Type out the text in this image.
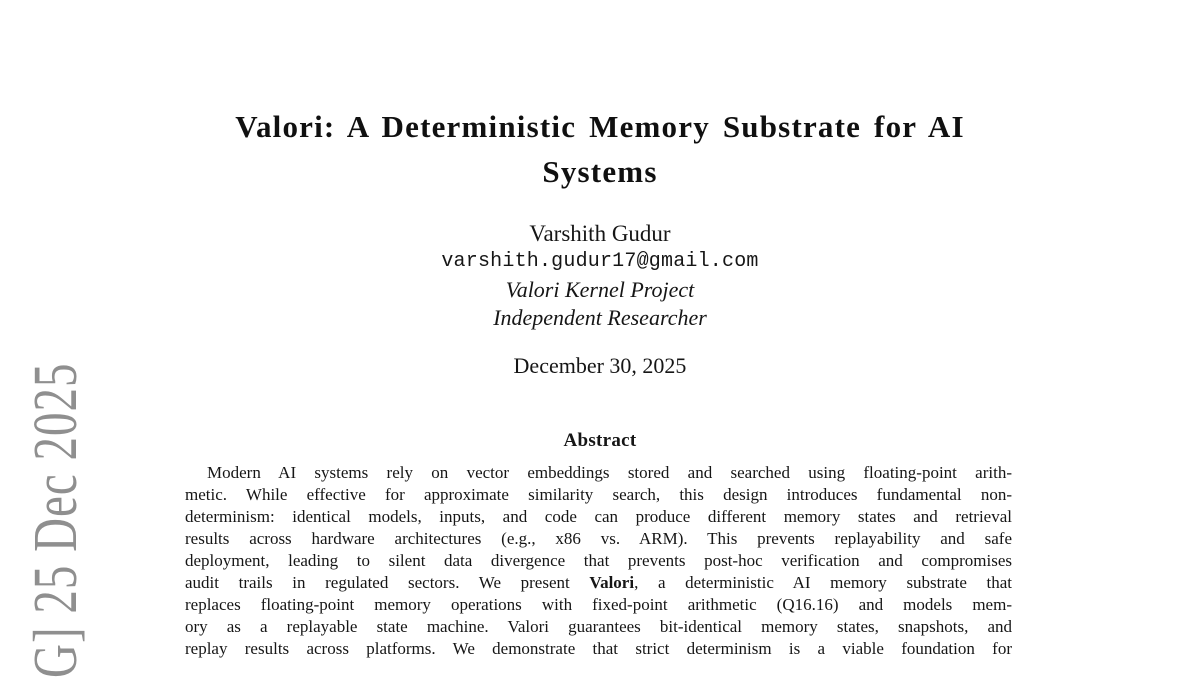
G] 25 Dec 2025
Valori: A Deterministic Memory Substrate for AI
Systems
Varshith Gudur
varshith.gudur17@gmail.com
Valori Kernel Project
Independent Researcher
December 30, 2025
Abstract
Modern AI systems rely on vector embeddings stored and searched using floating-point arith-
metic. While effective for approximate similarity search, this design introduces fundamental non-
determinism: identical models, inputs, and code can produce different memory states and retrieval
results across hardware architectures (e.g., x86 vs. ARM). This prevents replayability and safe
deployment, leading to silent data divergence that prevents post-hoc verification and compromises
audit trails in regulated sectors. We present Valori, a deterministic AI memory substrate that
replaces floating-point memory operations with fixed-point arithmetic (Q16.16) and models mem-
ory as a replayable state machine. Valori guarantees bit-identical memory states, snapshots, and
replay results across platforms. We demonstrate that strict determinism is a viable foundation for
